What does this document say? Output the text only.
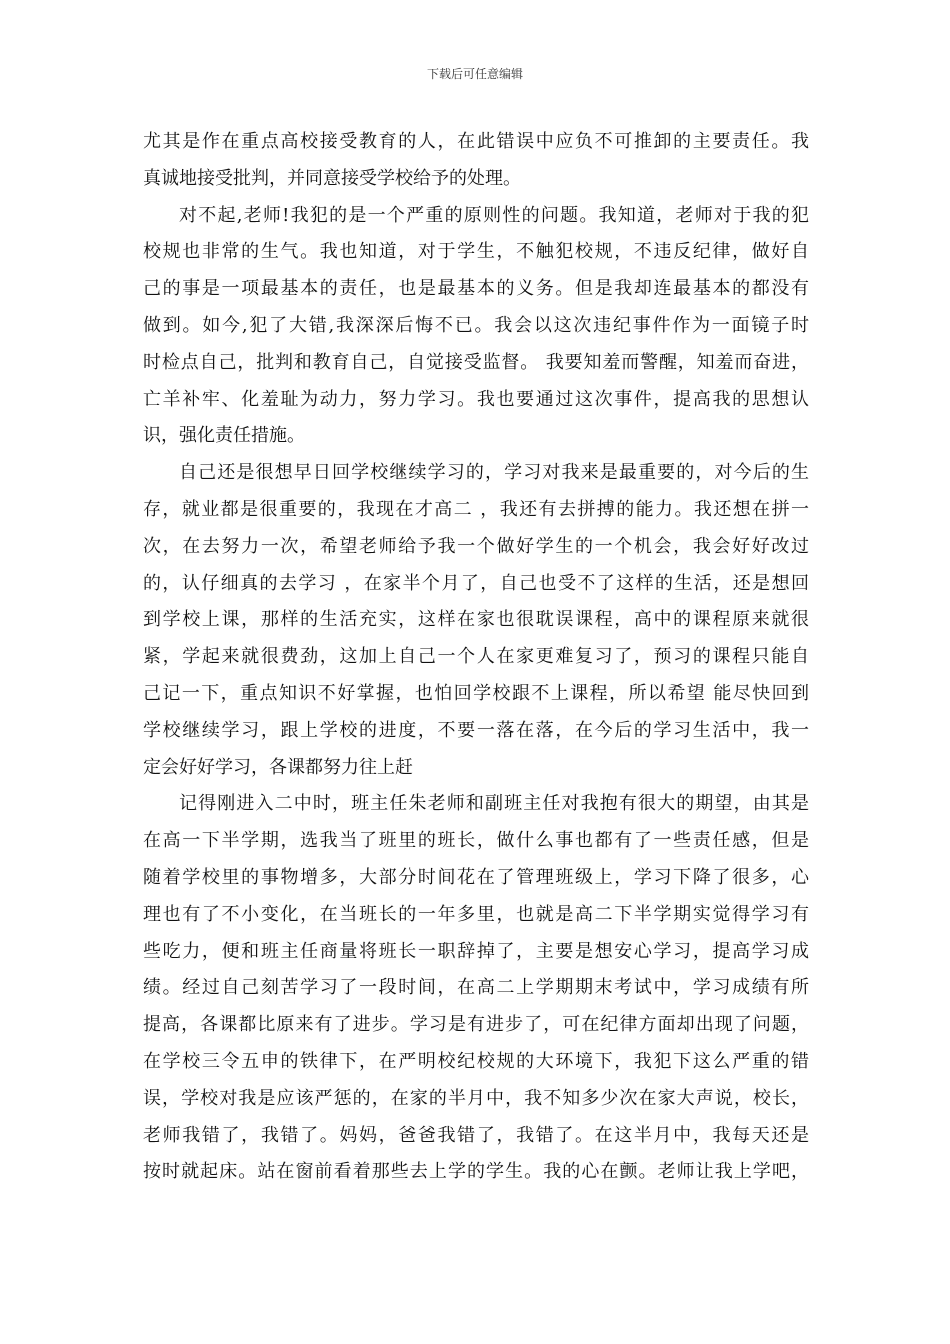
下载后可任意编辑
尤其是作在重点高校接受教育的人，在此错误中应负不可推卸的主要责任。我
真诚地接受批判，并同意接受学校给予的处理。
对不起,老师!我犯的是一个严重的原则性的问题。我知道，老师对于我的犯
校规也非常的生气。我也知道，对于学生，不触犯校规，不违反纪律，做好自
己的事是一项最基本的责任，也是最基本的义务。但是我却连最基本的都没有
做到。如今,犯了大错,我深深后悔不已。我会以这次违纪事件作为一面镜子时
时检点自己，批判和教育自己，自觉接受监督。 我要知羞而警醒，知羞而奋进，
亡羊补牢、化羞耻为动力，努力学习。我也要通过这次事件，提高我的思想认
识，强化责任措施。
自己还是很想早日回学校继续学习的，学习对我来是最重要的，对今后的生
存，就业都是很重要的，我现在才高二 ，我还有去拼搏的能力。我还想在拼一
次，在去努力一次，希望老师给予我一个做好学生的一个机会，我会好好改过
的，认仔细真的去学习 ，在家半个月了，自己也受不了这样的生活，还是想回
到学校上课，那样的生活充实，这样在家也很耽误课程，高中的课程原来就很
紧，学起来就很费劲，这加上自己一个人在家更难复习了，预习的课程只能自
己记一下，重点知识不好掌握，也怕回学校跟不上课程，所以希望 能尽快回到
学校继续学习，跟上学校的进度，不要一落在落，在今后的学习生活中，我一
定会好好学习，各课都努力往上赶
记得刚进入二中时，班主任朱老师和副班主任对我抱有很大的期望，由其是
在高一下半学期，选我当了班里的班长，做什么事也都有了一些责任感，但是
随着学校里的事物增多，大部分时间花在了管理班级上，学习下降了很多，心
理也有了不小变化，在当班长的一年多里，也就是高二下半学期实觉得学习有
些吃力，便和班主任商量将班长一职辞掉了，主要是想安心学习，提高学习成
绩。经过自己刻苦学习了一段时间，在高二上学期期末考试中，学习成绩有所
提高，各课都比原来有了进步。学习是有进步了，可在纪律方面却出现了问题，
在学校三令五申的铁律下，在严明校纪校规的大环境下，我犯下这么严重的错
误，学校对我是应该严惩的，在家的半月中，我不知多少次在家大声说，校长，
老师我错了，我错了。妈妈，爸爸我错了，我错了。在这半月中，我每天还是
按时就起床。站在窗前看着那些去上学的学生。我的心在颤。老师让我上学吧，
